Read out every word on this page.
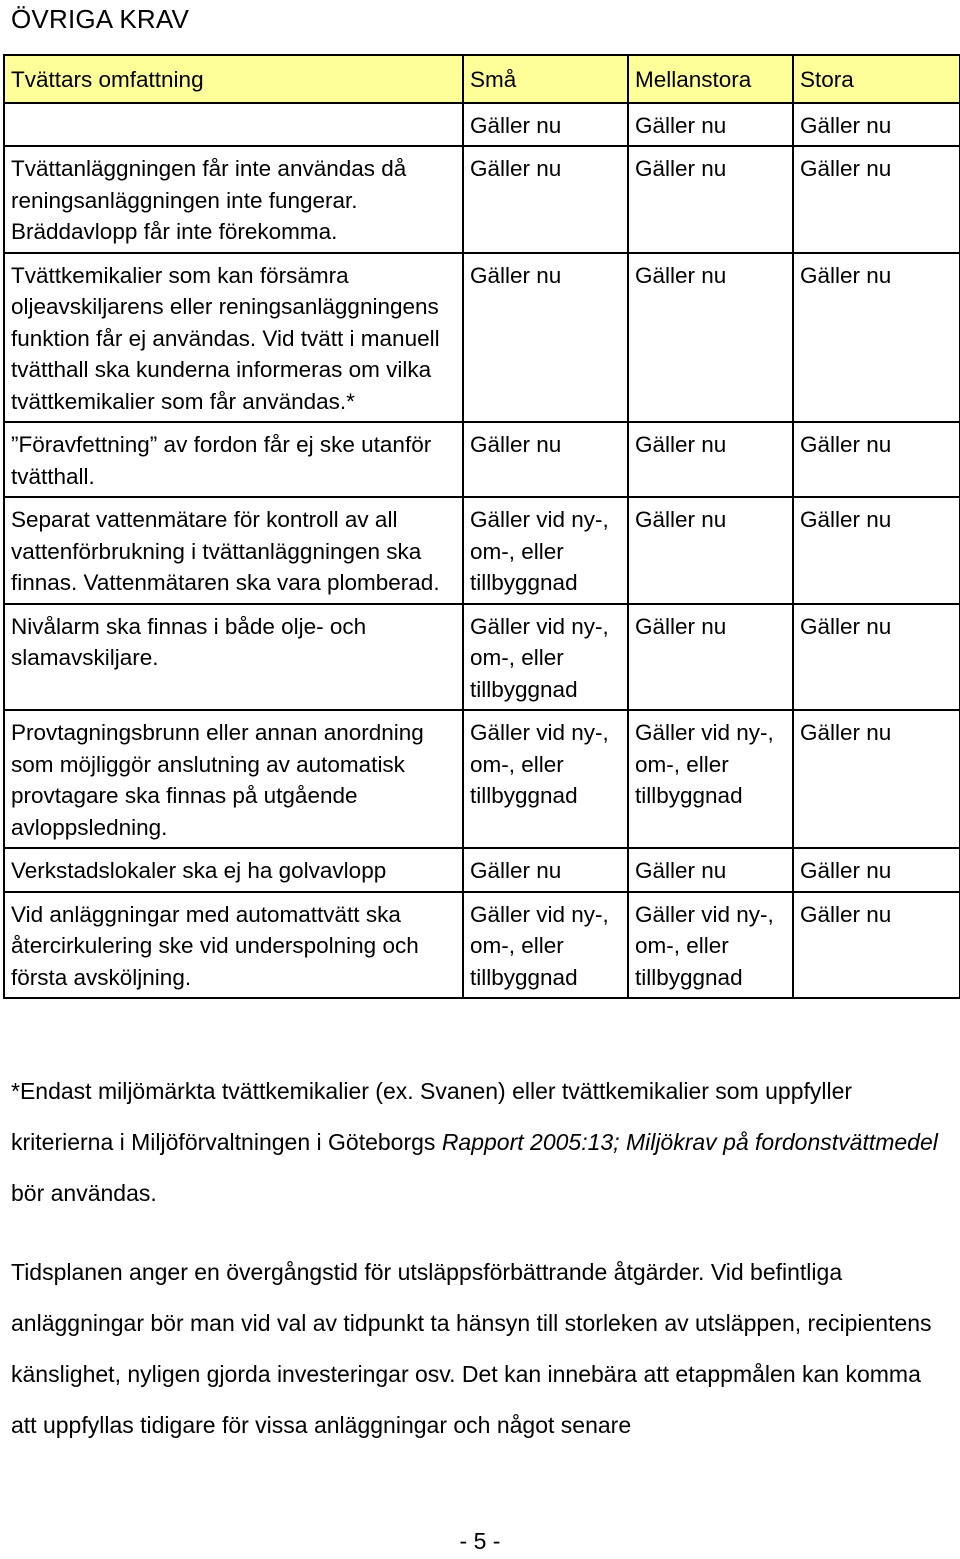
ÖVRIGA KRAV
Tvättars omfattning	Små	Mellanstora	Stora
	Gäller nu	Gäller nu	Gäller nu
Tvättanläggningen får inte användas då reningsanläggningen inte fungerar. Bräddavlopp får inte förekomma.	Gäller nu	Gäller nu	Gäller nu
Tvättkemikalier som kan försämra oljeavskiljarens eller reningsanläggningens funktion får ej användas. Vid tvätt i manuell tvätthall ska kunderna informeras om vilka tvättkemikalier som får användas.*	Gäller nu	Gäller nu	Gäller nu
”Föravfettning” av fordon får ej ske utanför tvätthall.	Gäller nu	Gäller nu	Gäller nu
Separat vattenmätare för kontroll av all vattenförbrukning i tvättanläggningen ska finnas. Vattenmätaren ska vara plomberad.	Gäller vid ny-, om-, eller tillbyggnad	Gäller nu	Gäller nu
Nivålarm ska finnas i både olje- och slamavskiljare.	Gäller vid ny-, om-, eller tillbyggnad	Gäller nu	Gäller nu
Provtagningsbrunn eller annan anordning som möjliggör anslutning av automatisk provtagare ska finnas på utgående avloppsledning.	Gäller vid ny-, om-, eller tillbyggnad	Gäller vid ny-, om-, eller tillbyggnad	Gäller nu
Verkstadslokaler ska ej ha golvavlopp	Gäller nu	Gäller nu	Gäller nu
Vid anläggningar med automattvätt ska återcirkulering ske vid underspolning och första avsköljning.	Gäller vid ny-, om-, eller tillbyggnad	Gäller vid ny-, om-, eller tillbyggnad	Gäller nu
*Endast miljömärkta tvättkemikalier (ex. Svanen) eller tvättkemikalier som uppfyller kriterierna i Miljöförvaltningen i Göteborgs Rapport 2005:13; Miljökrav på fordonstvättmedel bör användas.
Tidsplanen anger en övergångstid för utsläppsförbättrande åtgärder. Vid befintliga anläggningar bör man vid val av tidpunkt ta hänsyn till storleken av utsläppen, recipientens känslighet, nyligen gjorda investeringar osv. Det kan innebära att etappmålen kan komma att uppfyllas tidigare för vissa anläggningar och något senare
- 5 -
